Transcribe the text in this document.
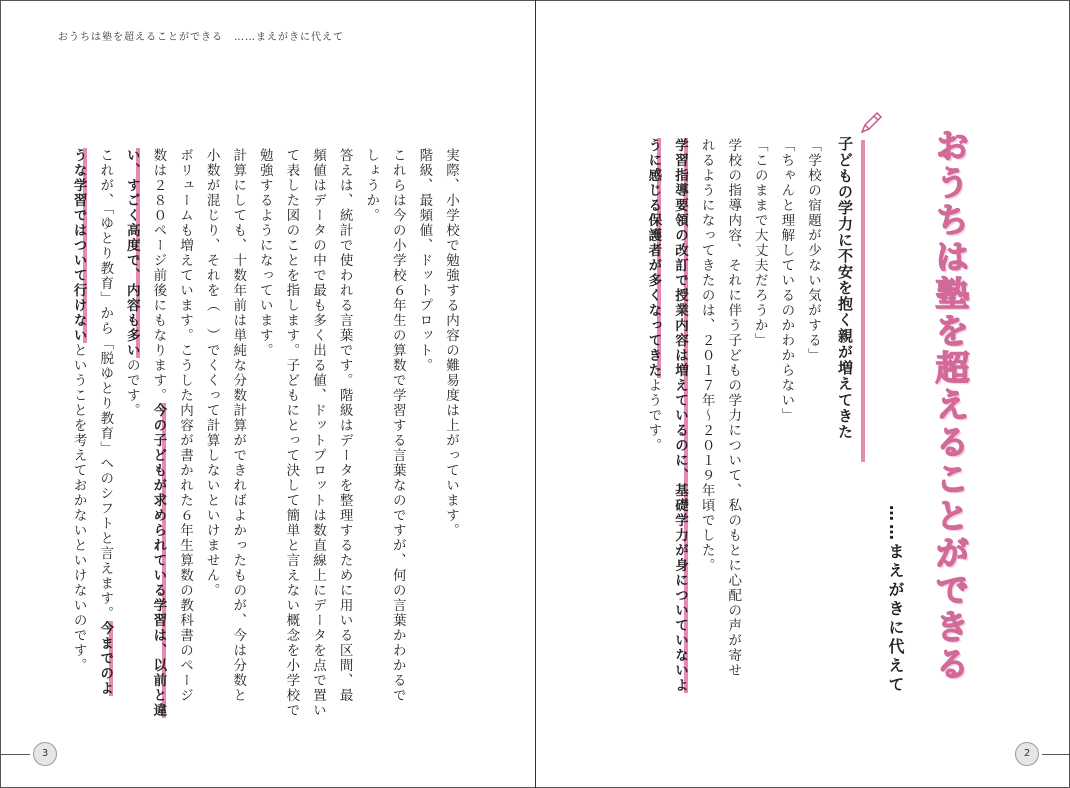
おうちは塾を超えることができる　……まえがきに代えて
実際、小学校で勉強する内容の難易度は上がっています。
階級、最頻値、ドットプロット。
これらは今の小学校６年生の算数で学習する言葉なのですが、何の言葉かわかるで
しょうか。
答えは、統計で使われる言葉です。階級はデータを整理するために用いる区間、最
頻値はデータの中で最も多く出る値、ドットプロットは数直線上にデータを点で置い
て表した図のことを指します。子どもにとって決して簡単と言えない概念を小学校で
勉強するようになっています。
計算にしても、十数年前は単純な分数計算ができればよかったものが、今は分数と
小数が混じり、それを（　）でくくって計算しないといけません。
ボリュームも増えています。こうした内容が書かれた６年生算数の教科書のページ
数は２８０ページ前後にもなります。今の子どもが求められている学習は、以前と違
い、すごく高度で、内容も多いのです。
これが、「ゆとり教育」から「脱ゆとり教育」へのシフトと言えます。今までのよ
うな学習ではついて行けないということを考えておかないといけないのです。
3
おうちは塾を超えることができる
……まえがきに代えて
子どもの学力に不安を抱く親が増えてきた
「学校の宿題が少ない気がする」
「ちゃんと理解しているのかわからない」
「このままで大丈夫だろうか」
学校の指導内容、それに伴う子どもの学力について、私のもとに心配の声が寄せ
れるようになってきたのは、２０１７年〜２０１９年頃でした。
学習指導要領の改訂で授業内容は増えているのに、基礎学力が身についていないよ
うに感じる保護者が多くなってきたようです。
2
